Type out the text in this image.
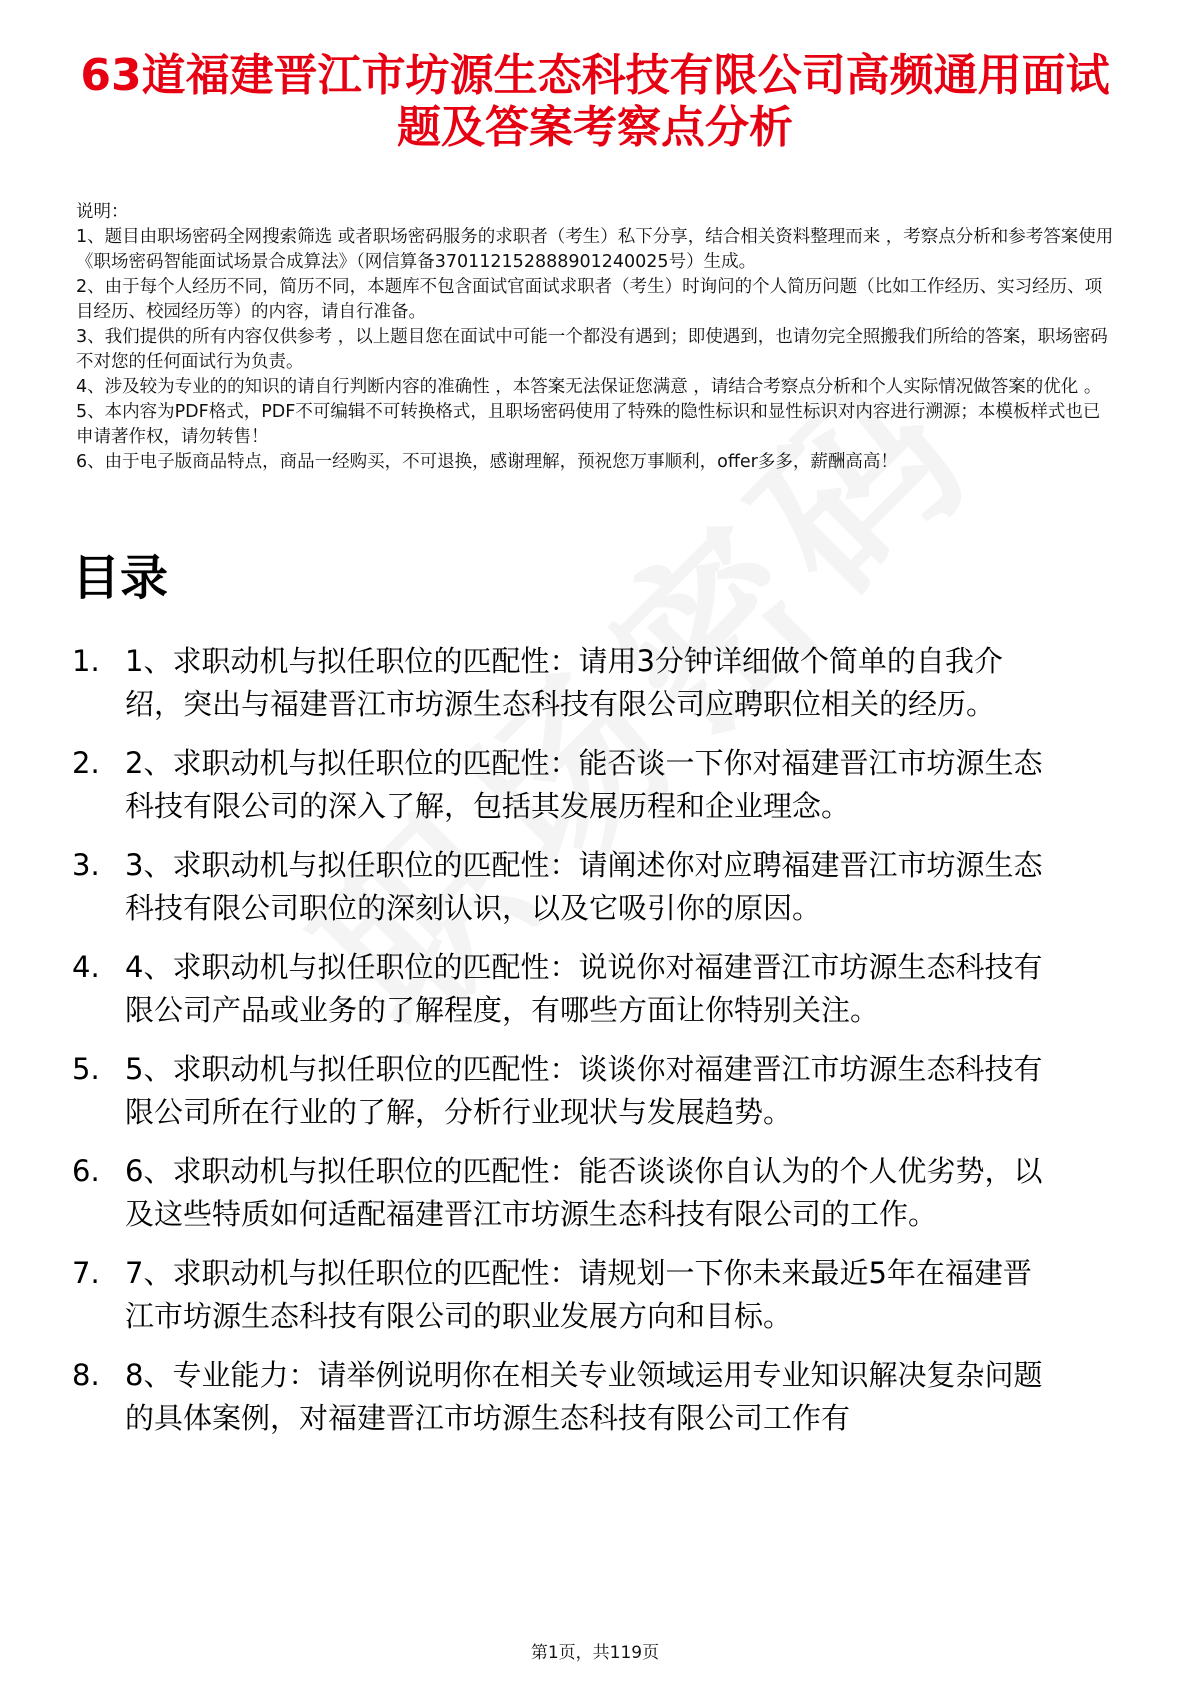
63道福建晋江市坊源生态科技有限公司高频通用面试题及答案考察点分析

说明：

1、题目由职场密码全网搜索筛选 或者职场密码服务的求职者（考生）私下分享，结合相关资料整理而来 ，考察点分析和参考答案使用《职场密码智能面试场景合成算法》（网信算备370112152888901240025号）生成。

2、由于每个人经历不同，简历不同，本题库不包含面试官面试求职者（考生）时询问的个人简历问题（比如工作经历、实习经历、项目经历、校园经历等）的内容，请自行准备。

3、我们提供的所有内容仅供参考 ，以上题目您在面试中可能一个都没有遇到；即使遇到，也请勿完全照搬我们所给的答案，职场密码不对您的任何面试行为负责。

4、涉及较为专业的的知识的请自行判断内容的准确性 ，本答案无法保证您满意 ，请结合考察点分析和个人实际情况做答案的优化 。

5、本内容为PDF格式，PDF不可编辑不可转换格式，且职场密码使用了特殊的隐性标识和显性标识对内容进行溯源；本模板样式也已申请著作权，请勿转售！

6、由于电子版商品特点，商品一经购买，不可退换，感谢理解，预祝您万事顺利，offer多多，薪酬高高！

目录
1. 1、求职动机与拟任职位的匹配性：请用3分钟详细做个简单的自我介绍，突出与福建晋江市坊源生态科技有限公司应聘职位相关的经历。
2. 2、求职动机与拟任职位的匹配性：能否谈一下你对福建晋江市坊源生态科技有限公司的深入了解，包括其发展历程和企业理念。
3. 3、求职动机与拟任职位的匹配性：请阐述你对应聘福建晋江市坊源生态科技有限公司职位的深刻认识，以及它吸引你的原因。
4. 4、求职动机与拟任职位的匹配性：说说你对福建晋江市坊源生态科技有限公司产品或业务的了解程度，有哪些方面让你特别关注。
5. 5、求职动机与拟任职位的匹配性：谈谈你对福建晋江市坊源生态科技有限公司所在行业的了解，分析行业现状与发展趋势。
6. 6、求职动机与拟任职位的匹配性：能否谈谈你自认为的个人优劣势，以及这些特质如何适配福建晋江市坊源生态科技有限公司的工作。
7. 7、求职动机与拟任职位的匹配性：请规划一下你未来最近5年在福建晋江市坊源生态科技有限公司的职业发展方向和目标。
8. 8、专业能力：请举例说明你在相关专业领域运用专业知识解决复杂问题的具体案例，对福建晋江市坊源生态科技有限公司工作有
第1页，共119页
